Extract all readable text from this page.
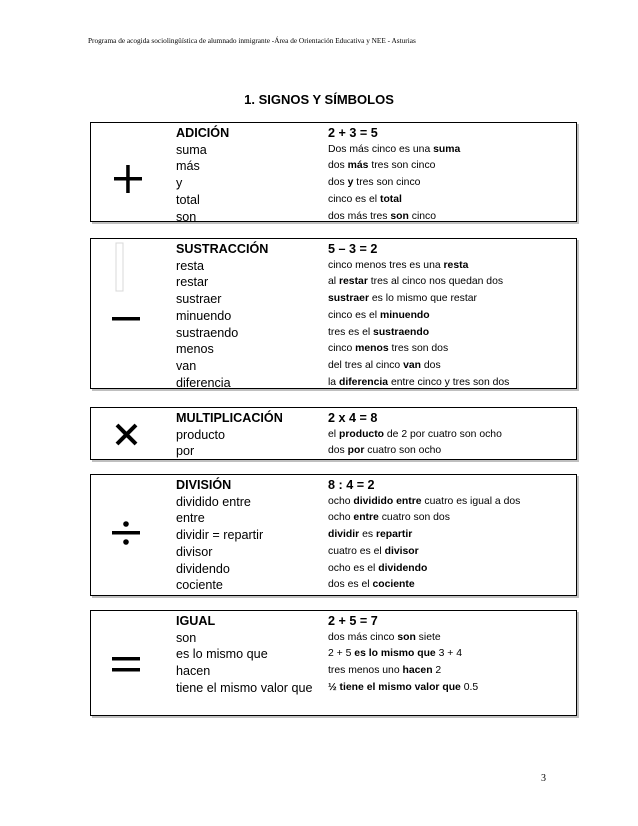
Programa de acogida sociolingüística de alumnado inmigrante -Área de Orientación Educativa y NEE - Asturias
1. SIGNOS Y SÍMBOLOS
ADICIÓN
suma
más
y
total
son
2 + 3 = 5
Dos más cinco es una suma
dos más tres son cinco
dos y tres son cinco
cinco es el total
dos más tres son cinco
SUSTRACCIÓN
resta
restar
sustraer
minuendo
sustraendo
menos
van
diferencia
5 – 3 = 2
cinco menos tres es una resta
al restar tres al cinco nos quedan dos
sustraer es lo mismo que restar
cinco es el minuendo
tres es el sustraendo
cinco menos tres son dos
del tres al cinco van dos
la diferencia entre cinco y tres son dos
MULTIPLICACIÓN
producto
por
2 x 4 = 8
el producto de 2 por cuatro son ocho
dos por cuatro son ocho
DIVISIÓN
dividido entre
entre
dividir = repartir
divisor
dividendo
cociente
8 : 4 = 2
ocho dividido entre cuatro es igual a dos
ocho entre cuatro son dos
dividir es repartir
cuatro es el divisor
ocho es el dividendo
dos es el cociente
IGUAL
son
es lo mismo que
hacen
tiene el mismo valor que
2 + 5 = 7
dos más cinco son siete
2 + 5 es lo mismo que 3 + 4
tres menos uno hacen 2
½ tiene el mismo valor que 0.5
3
